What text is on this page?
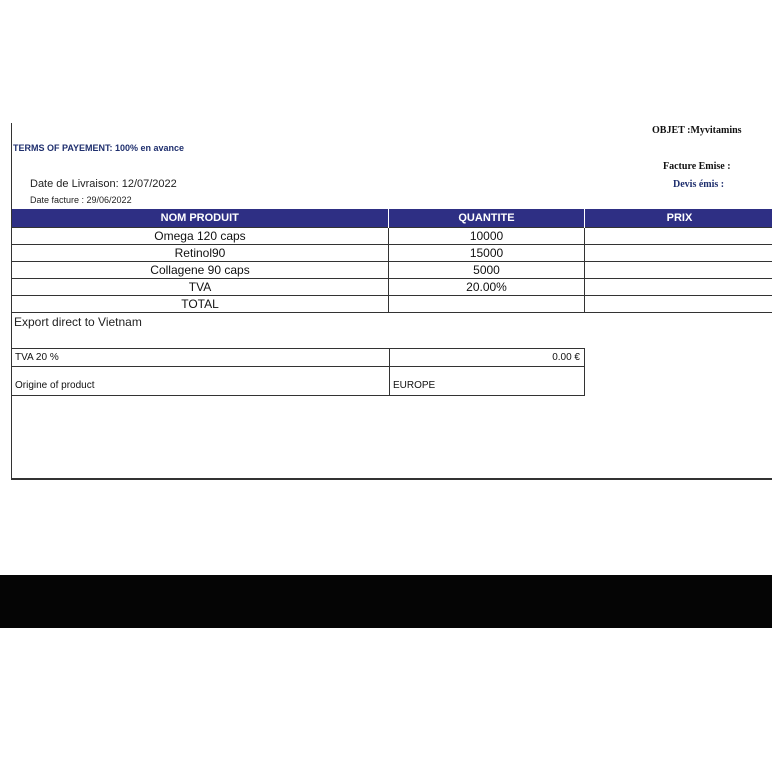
TERMS OF PAYEMENT: 100% en avance
OBJET :Myvitamins
Facture Emise :
Devis émis :
Date de Livraison: 12/07/2022
Date facture : 29/06/2022
NOM PRODUIT	QUANTITE	PRIX
Omega 120 caps	10000	
Retinol90	15000	
Collagene 90 caps	5000	
TVA	20.00%	
TOTAL		
Export direct to Vietnam
TVA 20 %	0.00 €
Origine of product	EUROPE
